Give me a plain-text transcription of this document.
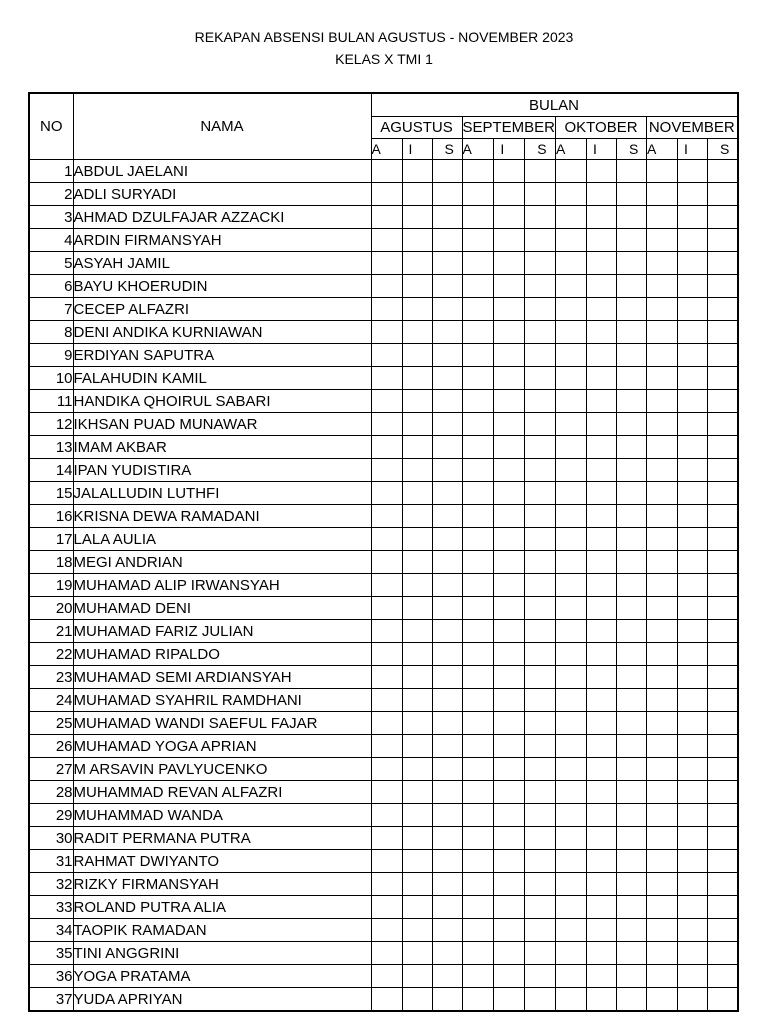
REKAPAN ABSENSI BULAN AGUSTUS - NOVEMBER 2023
KELAS X TMI 1
NO	NAMA	BULAN											
		AGUSTUS			SEPTEMBER			OKTOBER			NOVEMBER		
		A	I	S	A	I	S	A	I	S	A	I	S
1	ABDUL JAELANI												
2	ADLI SURYADI												
3	AHMAD DZULFAJAR AZZACKI												
4	ARDIN FIRMANSYAH												
5	ASYAH JAMIL												
6	BAYU KHOERUDIN												
7	CECEP ALFAZRI												
8	DENI ANDIKA KURNIAWAN												
9	ERDIYAN SAPUTRA												
10	FALAHUDIN KAMIL												
11	HANDIKA QHOIRUL SABARI												
12	IKHSAN PUAD MUNAWAR												
13	IMAM AKBAR												
14	IPAN YUDISTIRA												
15	JALALLUDIN LUTHFI												
16	KRISNA DEWA RAMADANI												
17	LALA AULIA												
18	MEGI ANDRIAN												
19	MUHAMAD ALIP IRWANSYAH												
20	MUHAMAD DENI												
21	MUHAMAD FARIZ JULIAN												
22	MUHAMAD RIPALDO												
23	MUHAMAD SEMI ARDIANSYAH												
24	MUHAMAD SYAHRIL RAMDHANI												
25	MUHAMAD WANDI SAEFUL FAJAR												
26	MUHAMAD YOGA APRIAN												
27	M ARSAVIN PAVLYUCENKO												
28	MUHAMMAD REVAN ALFAZRI												
29	MUHAMMAD WANDA												
30	RADIT PERMANA PUTRA												
31	RAHMAT DWIYANTO												
32	RIZKY FIRMANSYAH												
33	ROLAND PUTRA ALIA												
34	TAOPIK RAMADAN												
35	TINI ANGGRINI												
36	YOGA PRATAMA												
37	YUDA APRIYAN												
